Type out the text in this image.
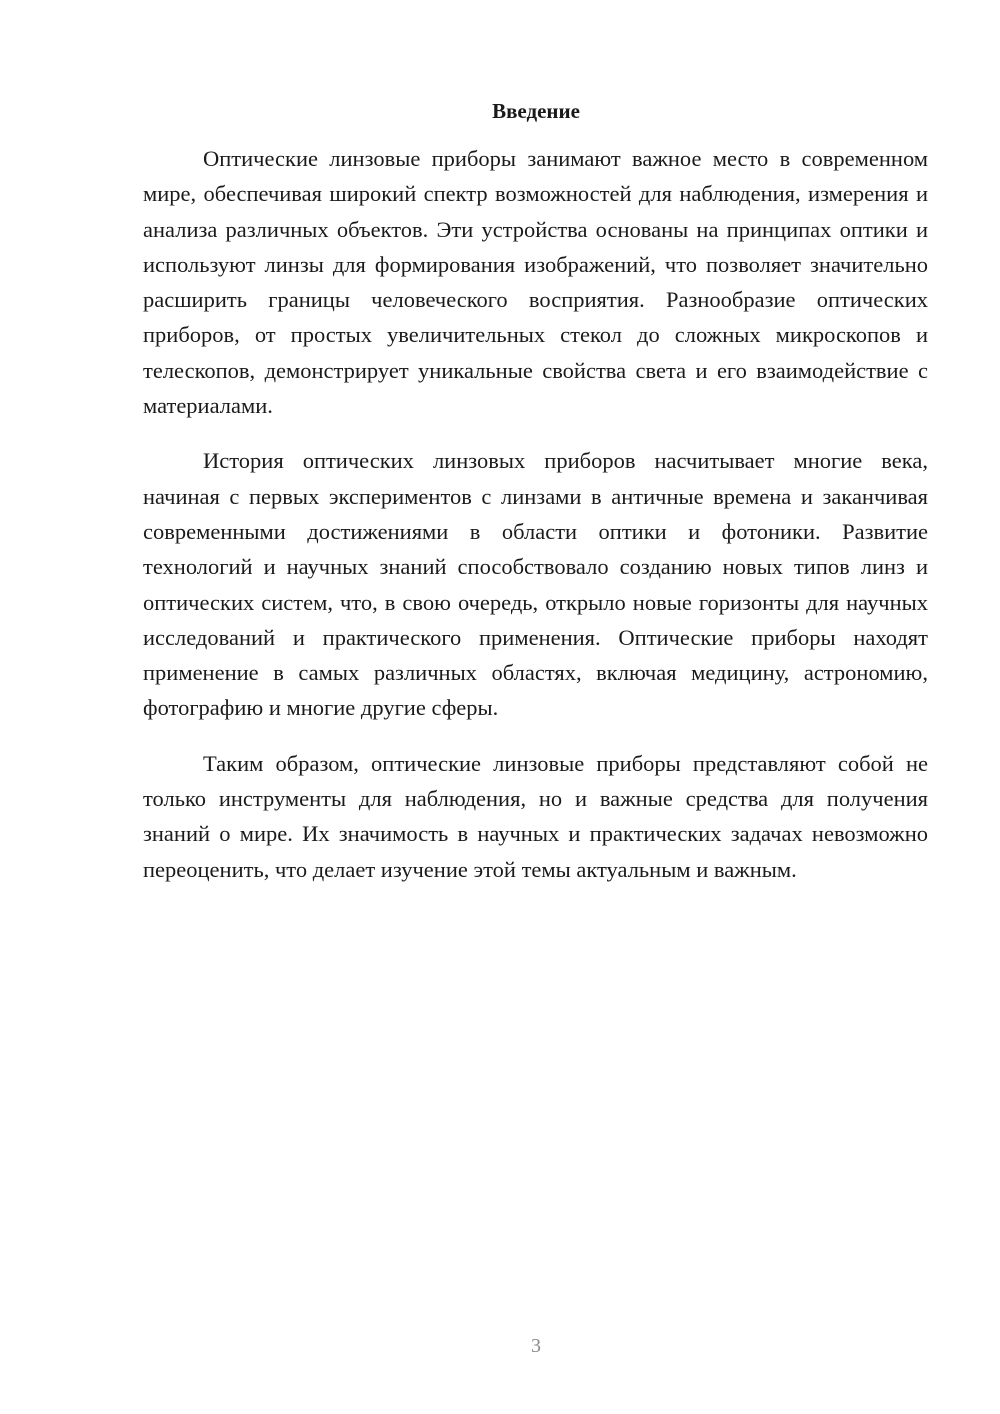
Введение

Оптические линзовые приборы занимают важное место в современном мире, обеспечивая широкий спектр возможностей для наблюдения, измерения и анализа различных объектов. Эти устройства основаны на принципах оптики и используют линзы для формирования изображений, что позволяет значительно расширить границы человеческого восприятия. Разнообразие оптических приборов, от простых увеличительных стекол до сложных микроскопов и телескопов, демонстрирует уникальные свойства света и его взаимодействие с материалами.

История оптических линзовых приборов насчитывает многие века, начиная с первых экспериментов с линзами в античные времена и заканчивая современными достижениями в области оптики и фотоники. Развитие технологий и научных знаний способствовало созданию новых типов линз и оптических систем, что, в свою очередь, открыло новые горизонты для научных исследований и практического применения. Оптические приборы находят применение в самых различных областях, включая медицину, астрономию, фотографию и многие другие сферы.

Таким образом, оптические линзовые приборы представляют собой не только инструменты для наблюдения, но и важные средства для получения знаний о мире. Их значимость в научных и практических задачах невозможно переоценить, что делает изучение этой темы актуальным и важным.

3
